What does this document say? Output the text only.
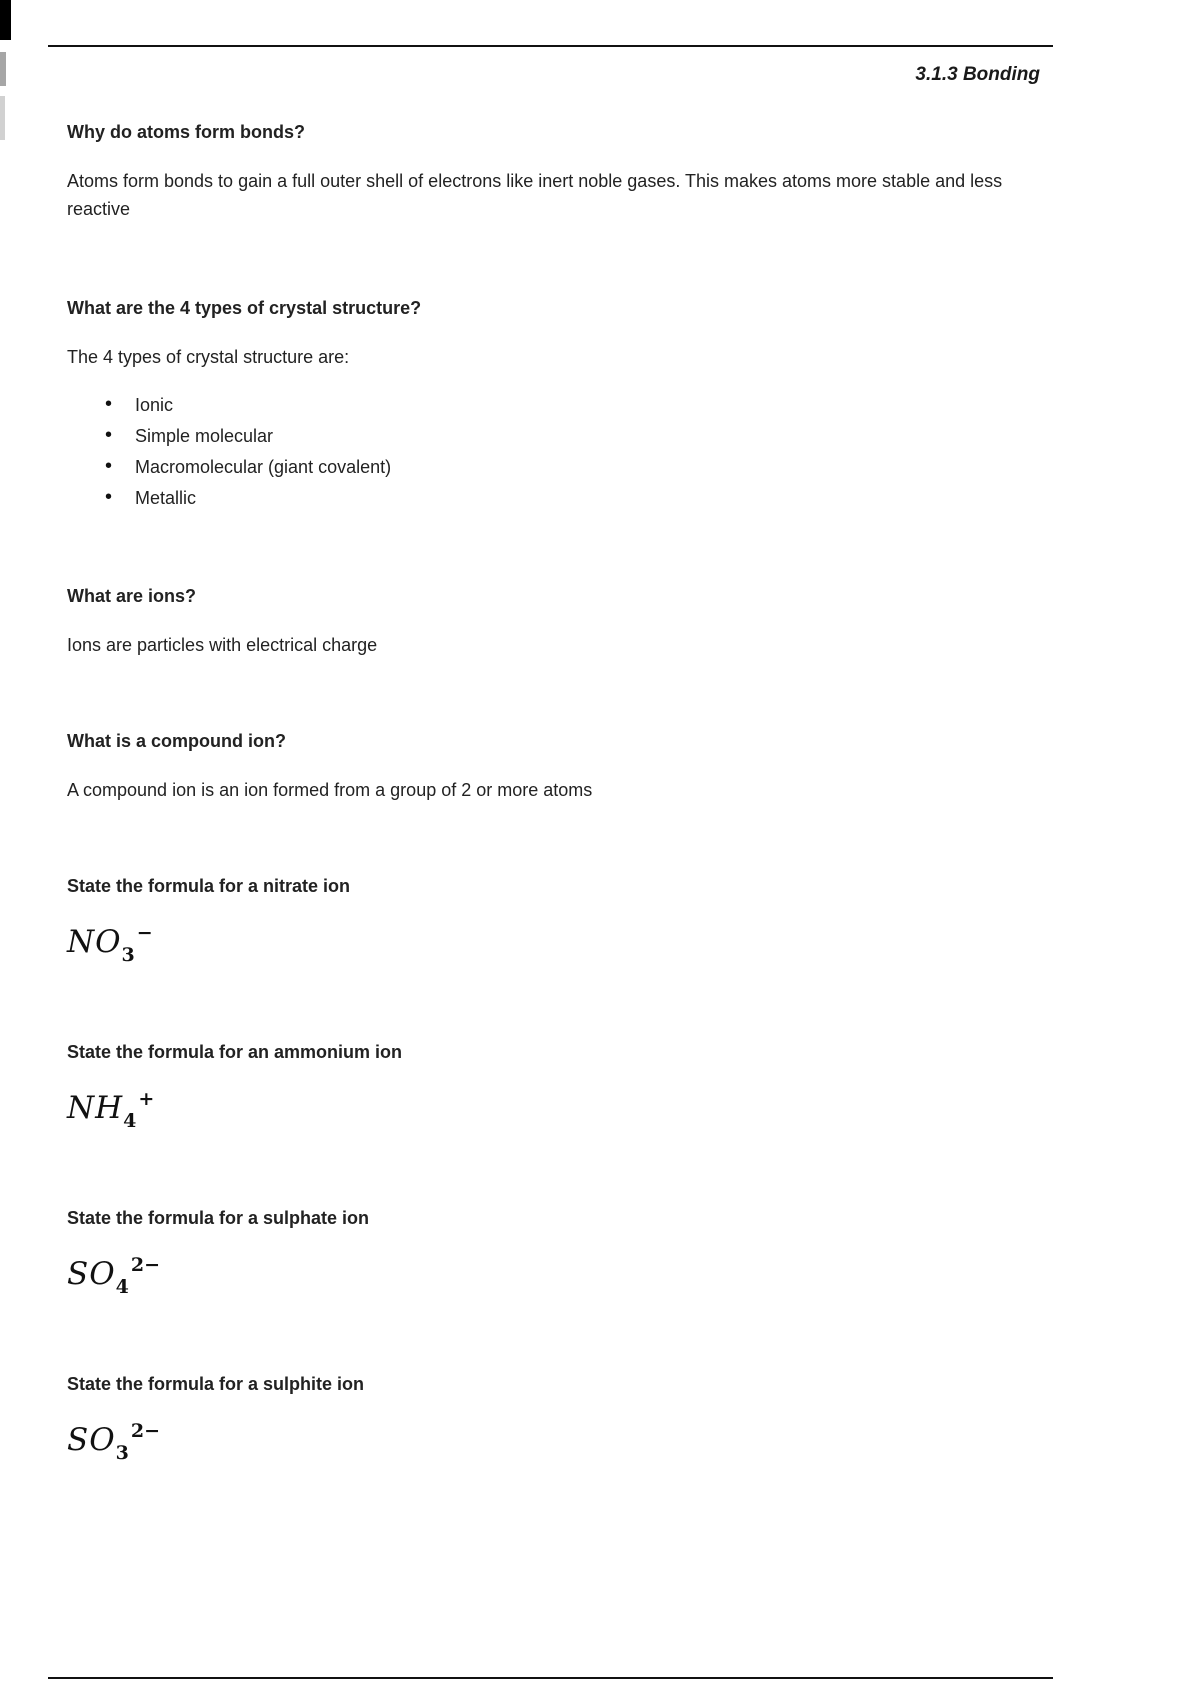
3.1.3 Bonding
Why do atoms form bonds?
Atoms form bonds to gain a full outer shell of electrons like inert noble gases. This makes atoms more stable and less reactive
What are the 4 types of crystal structure?
The 4 types of crystal structure are:
• Ionic
• Simple molecular
• Macromolecular (giant covalent)
• Metallic
What are ions?
Ions are particles with electrical charge
What is a compound ion?
A compound ion is an ion formed from a group of 2 or more atoms
State the formula for a nitrate ion
$NO_3^-$
State the formula for an ammonium ion
$NH_4^+$
State the formula for a sulphate ion
$SO_4^{2-}$
State the formula for a sulphite ion
$SO_3^{2-}$
